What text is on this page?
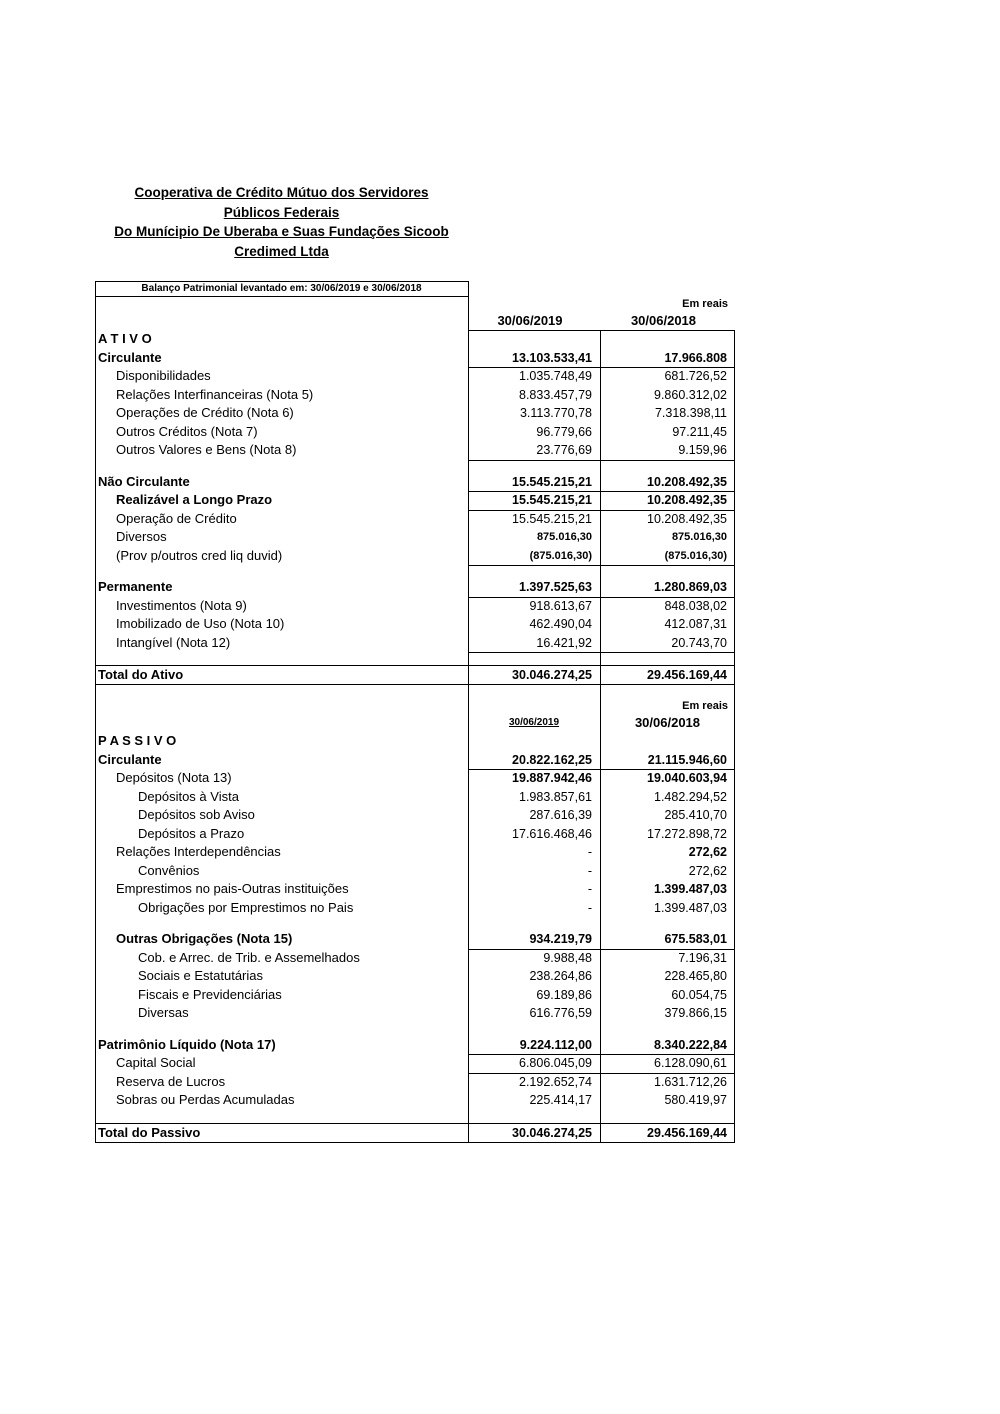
Cooperativa de Crédito Mútuo dos Servidores
Públicos Federais
Do Munícipio De Uberaba e Suas Fundações Sicoob
Credimed Ltda
Balanço Patrimonial levantado em: 30/06/2019 e 30/06/2018
Em reais
30/06/2019	30/06/2018
A T I V O
Circulante	13.103.533,41	17.966.808
Disponibilidades	1.035.748,49	681.726,52
Relações Interfinanceiras (Nota 5)	8.833.457,79	9.860.312,02
Operações de Crédito (Nota 6)	3.113.770,78	7.318.398,11
Outros Créditos (Nota 7)	96.779,66	97.211,45
Outros Valores e Bens (Nota 8)	23.776,69	9.159,96
Não Circulante	15.545.215,21	10.208.492,35
Realizável a Longo Prazo	15.545.215,21	10.208.492,35
Operação de Crédito	15.545.215,21	10.208.492,35
Diversos	875.016,30	875.016,30
(Prov p/outros cred liq duvid)	(875.016,30)	(875.016,30)
Permanente	1.397.525,63	1.280.869,03
Investimentos (Nota 9)	918.613,67	848.038,02
Imobilizado de Uso (Nota 10)	462.490,04	412.087,31
Intangível (Nota 12)	16.421,92	20.743,70
Total do Ativo	30.046.274,25	29.456.169,44
Em reais
30/06/2019	30/06/2018
P A S S I V O
Circulante	20.822.162,25	21.115.946,60
Depósitos (Nota 13)	19.887.942,46	19.040.603,94
Depósitos à Vista	1.983.857,61	1.482.294,52
Depósitos sob Aviso	287.616,39	285.410,70
Depósitos a Prazo	17.616.468,46	17.272.898,72
Relações Interdependências	-	272,62
Convênios	-	272,62
Emprestimos no pais-Outras instituições	-	1.399.487,03
Obrigações por Emprestimos no Pais	-	1.399.487,03
Outras Obrigações (Nota 15)	934.219,79	675.583,01
Cob. e Arrec. de Trib. e Assemelhados	9.988,48	7.196,31
Sociais e Estatutárias	238.264,86	228.465,80
Fiscais e Previdenciárias	69.189,86	60.054,75
Diversas	616.776,59	379.866,15
Patrimônio Líquido (Nota 17)	9.224.112,00	8.340.222,84
Capital Social	6.806.045,09	6.128.090,61
Reserva de Lucros	2.192.652,74	1.631.712,26
Sobras ou Perdas Acumuladas	225.414,17	580.419,97
Total do Passivo	30.046.274,25	29.456.169,44
